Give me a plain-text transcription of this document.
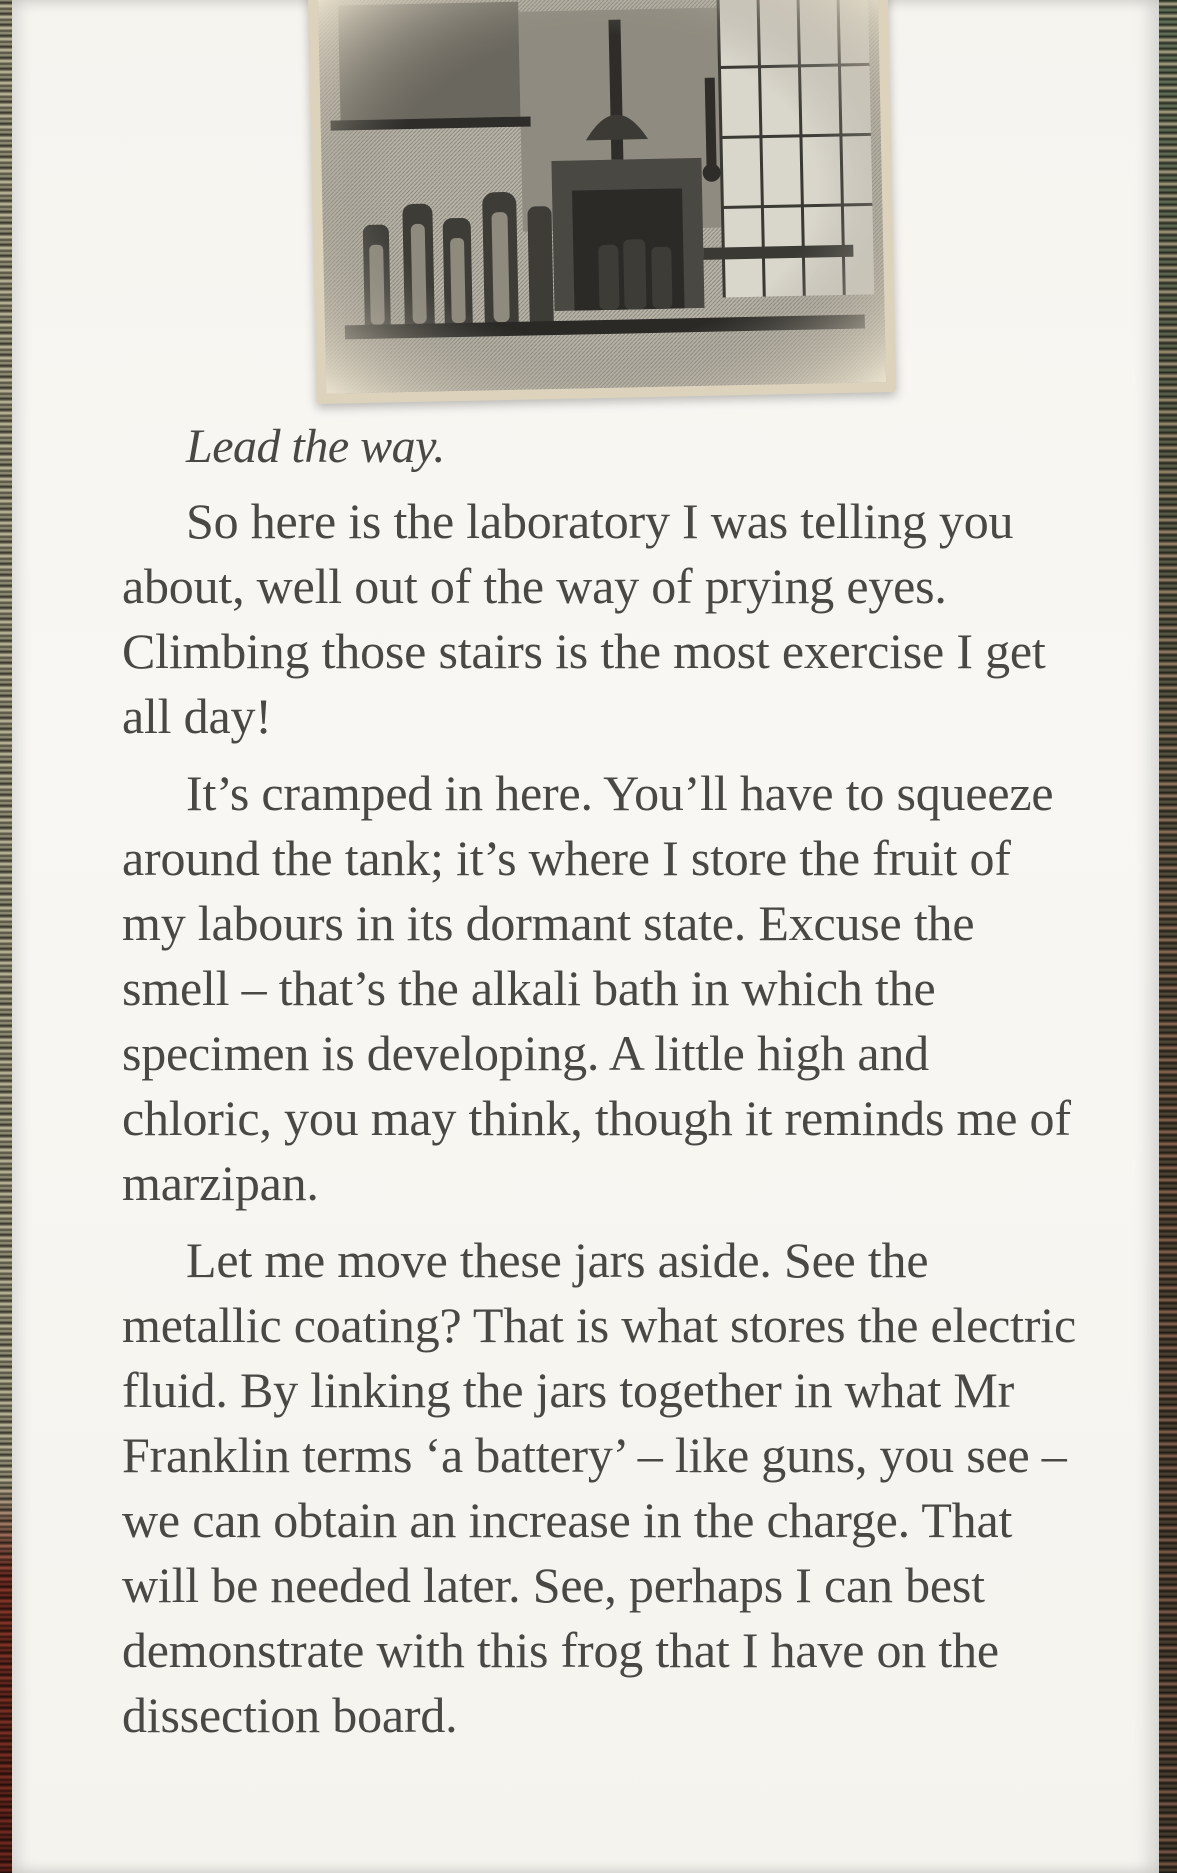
Lead the way.

So here is the laboratory I was telling you about, well out of the way of prying eyes. Climbing those stairs is the most exercise I get all day!

It’s cramped in here. You’ll have to squeeze around the tank; it’s where I store the fruit of my labours in its dormant state. Excuse the smell – that’s the alkali bath in which the specimen is developing. A little high and chloric, you may think, though it reminds me of marzipan.

Let me move these jars aside. See the metallic coating? That is what stores the electric fluid. By linking the jars together in what Mr Franklin terms ‘a battery’ – like guns, you see – we can obtain an increase in the charge. That will be needed later. See, perhaps I can best demonstrate with this frog that I have on the dissection board.
